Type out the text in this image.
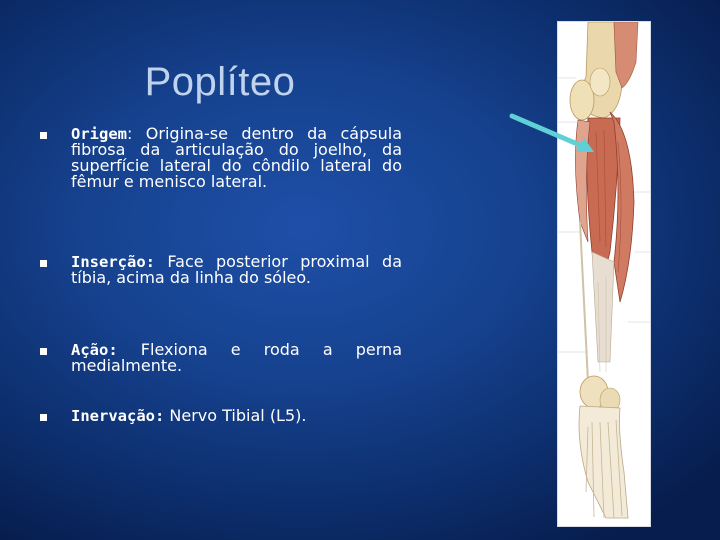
Poplíteo
Origem: Origina-se dentro da cápsula fibrosa da articulação do joelho, da superfície lateral do côndilo lateral do fêmur e menisco lateral.
Inserção: Face posterior proximal da tíbia, acima da linha do sóleo.
Ação: Flexiona e roda a perna medialmente.
Inervação: Nervo Tibial (L5).
